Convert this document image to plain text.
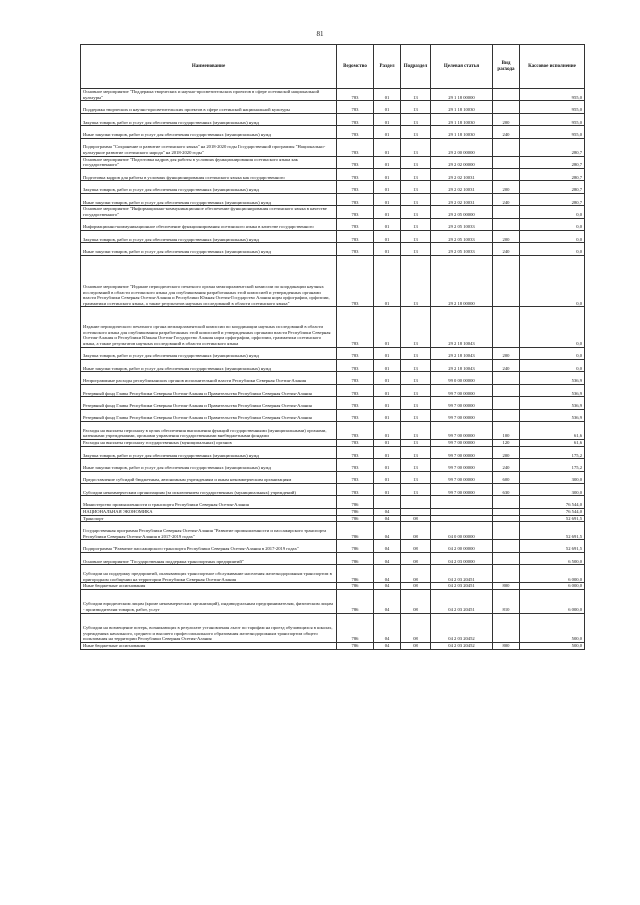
81
Наименование	Ведомство	Раздел	Подраздел	Целевая статья	Вид расхода	Кассовое исполнение
Основное мероприятие "Поддержка творческих и научно-просветительских проектов в сфере осетинской национальной культуры"	783	01	13	29 1 18 00000		955,0
Поддержка творческих и научно-просветительских проектов в сфере осетинской национальной культуры	783	01	13	29 1 18 10030		955,0
Закупка товаров, работ и услуг для обеспечения государственных (муниципальных) нужд	783	01	13	29 1 18 10030	200	955,0
Иные закупки товаров, работ и услуг для обеспечения государственных (муниципальных) нужд	783	01	13	29 1 18 10030	240	955,0
Подпрограмма "Сохранение и развитие осетинского языка" на 2018-2020 годы Государственной программы "Национально-культурное развитие осетинского народа" на 2018-2020 годы"	783	01	13	29 2 00 00000		280,7
Основное мероприятие "Подготовка кадров для работы в условиях функционирования осетинского языка как государственного"	783	01	13	29 2 02 00000		280,7
Подготовка кадров для работы в условиях функционирования осетинского языка как государственного	783	01	13	29 2 02 10031		280,7
Закупка товаров, работ и услуг для обеспечения государственных (муниципальных) нужд	783	01	13	29 2 02 10031	200	280,7
Иные закупки товаров, работ и услуг для обеспечения государственных (муниципальных) нужд	783	01	13	29 2 02 10031	240	280,7
Основное мероприятие "Информационно-коммуникационное обеспечение функционирования осетинского языка в качестве государственного"	783	01	13	29 2 05 00000		0,0
Информационно-коммуникационное обеспечение функционирования осетинского языка в качестве государственного	783	01	13	29 2 05 10033		0,0
Закупка товаров, работ и услуг для обеспечения государственных (муниципальных) нужд	783	01	13	29 2 05 10033	200	0,0
Иные закупки товаров, работ и услуг для обеспечения государственных (муниципальных) нужд	783	01	13	29 2 05 10033	240	0,0
Основное мероприятие "Издание периодического печатного органа межпарламентской комиссии по координации научных исследований в области осетинского языка для опубликования разработанных этой комиссией и утвержденных органами власти Республики Северная Осетия-Алания и Республики Южная Осетия-Государство Алания норм орфографии, орфоэпии, грамматики осетинского языка, а также результатов научных исследований в области осетинского языка"	783	01	13	29 2 18 00000		0,0
Издание периодического печатного органа межпарламентской комиссии по координации научных исследований в области осетинского языка для опубликования разработанных этой комиссией и утвержденных органами власти Республики Северная Осетия-Алания и Республики Южная Осетия-Государство Алания норм орфографии, орфоэпии, грамматики осетинского языка, а также результатов научных исследований в области осетинского языка	783	01	13	29 2 18 10043		0,0
Закупка товаров, работ и услуг для обеспечения государственных (муниципальных) нужд	783	01	13	29 2 18 10043	200	0,0
Иные закупки товаров, работ и услуг для обеспечения государственных (муниципальных) нужд	783	01	13	29 2 18 10043	240	0,0
Непрограммные расходы республиканских органов исполнительной власти Республики Северная Осетия-Алания	783	01	13	99 0 00 00000		536,9
Резервный фонд Главы Республики Северная Осетия-Алания и Правительства Республики Северная Осетия-Алания	783	01	13	99 7 00 00000		536,9
Резервный фонд Главы Республики Северная Осетия-Алания и Правительства Республики Северная Осетия-Алания	783	01	13	99 7 00 00000		536,9
Резервный фонд Главы Республики Северная Осетия-Алания и Правительства Республики Северная Осетия-Алания	783	01	13	99 7 00 00000		536,9
Расходы на выплаты персоналу в целях обеспечения выполнения функций государственными (муниципальными) органами, казенными учреждениями, органами управления государственными внебюджетными фондами	783	01	13	99 7 00 00000	100	61,6
Расходы на выплаты персоналу государственных (муниципальных) органов	783	01	13	99 7 00 00000	120	61,6
Закупка товаров, работ и услуг для обеспечения государственных (муниципальных) нужд	783	01	13	99 7 00 00000	200	175,2
Иные закупки товаров, работ и услуг для обеспечения государственных (муниципальных) нужд	783	01	13	99 7 00 00000	240	175,2
Предоставление субсидий бюджетным, автономным учреждениям и иным некоммерческим организациям	783	01	13	99 7 00 00000	600	300,0
Субсидии некоммерческим организациям (за исключением государственных (муниципальных) учреждений)	783	01	13	99 7 00 00000	630	300,0
Министерство промышленности и транспорта Республики Северная Осетия-Алания	786					76 544,0
НАЦИОНАЛЬНАЯ ЭКОНОМИКА	786	04				76 544,0
Транспорт	786	04	08			52 691,5
Государственная программа Республики Северная Осетия-Алания "Развитие промышленности и пассажирского транспорта Республики Северная Осетия-Алания в 2017-2019 годах"	786	04	08	04 0 00 00000		52 691,5
Подпрограмма "Развитие пассажирского транспорта Республики Северная Осетия-Алания в 2017-2019 годах"	786	04	08	04 2 00 00000		52 691,5
Основное мероприятие "Государственная поддержка транспортных предприятий"	786	04	08	04 2 03 00000		6 500,0
Субсидии на поддержку предприятий, оказывающих транспортное обслуживание населения железнодорожным транспортом в пригородном сообщении на территории Республики Северная Осетия-Алания	786	04	08	04 2 03 20451		6 000,0
Иные бюджетные ассигнования	786	04	08	04 2 03 20451	800	6 000,0
Субсидии юридическим лицам (кроме некоммерческих организаций), индивидуальным предпринимателям, физическим лицам - производителям товаров, работ, услуг	786	04	08	04 2 03 20451	810	6 000,0
Субсидии на возмещение потерь, возникающих в результате установления льгот по тарифам на проезд обучающихся в школах, учреждениях начального, среднего и высшего профессионального образования железнодорожным транспортом общего пользования на территории Республики Северная Осетия-Алания	786	04	08	04 2 03 20452		500,0
Иные бюджетные ассигнования	786	04	08	04 2 03 20452	800	500,0
